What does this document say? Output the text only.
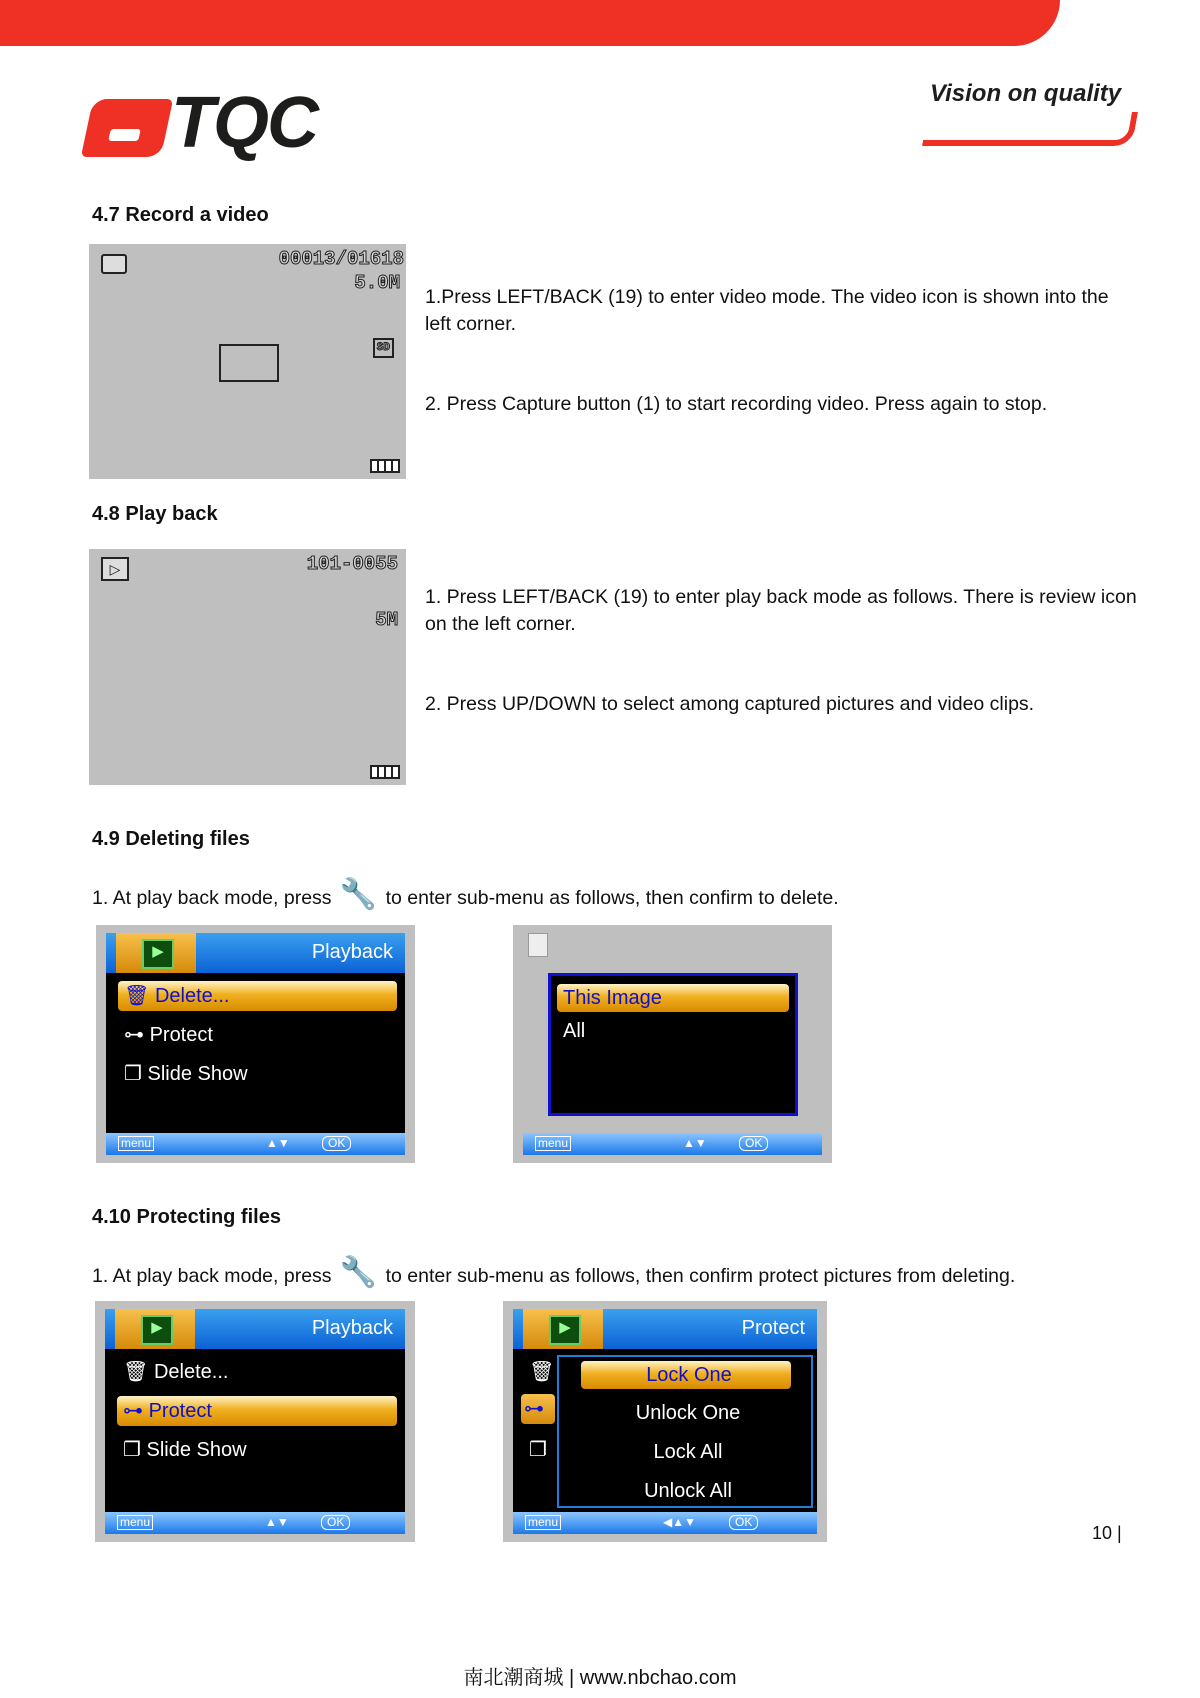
TQC	Vision on quality
4.7 Record a video
00013/01618
5.0M
SD
1.Press LEFT/BACK (19) to enter video mode. The video icon is shown into the left corner.
2. Press Capture button (1) to start recording video. Press again to stop.
4.8 Play back
▷	101-0055
5M
1. Press LEFT/BACK (19) to enter play back mode as follows. There is review icon on the left corner.
2. Press UP/DOWN to select among captured pictures and video clips.
4.9 Deleting files
1. At play back mode, press 🔧 to enter sub-menu as follows, then confirm to delete.
▶
Playback
🗑 Delete...
⊶ Protect
❐ Slide Show
menu	▲▼	OK
This Image
All
menu	▲▼	OK
4.10 Protecting files
1. At play back mode, press 🔧 to enter sub-menu as follows, then confirm protect pictures from deleting.
▶
Playback
🗑 Delete...
⊶ Protect
❐ Slide Show
menu	▲▼	OK
▶
Protect
🗑
⊶
❐
Lock One
Unlock One
Lock All
Unlock All
menu	◀▲▼	OK
10 |
南北潮商城 | www.nbchao.com
